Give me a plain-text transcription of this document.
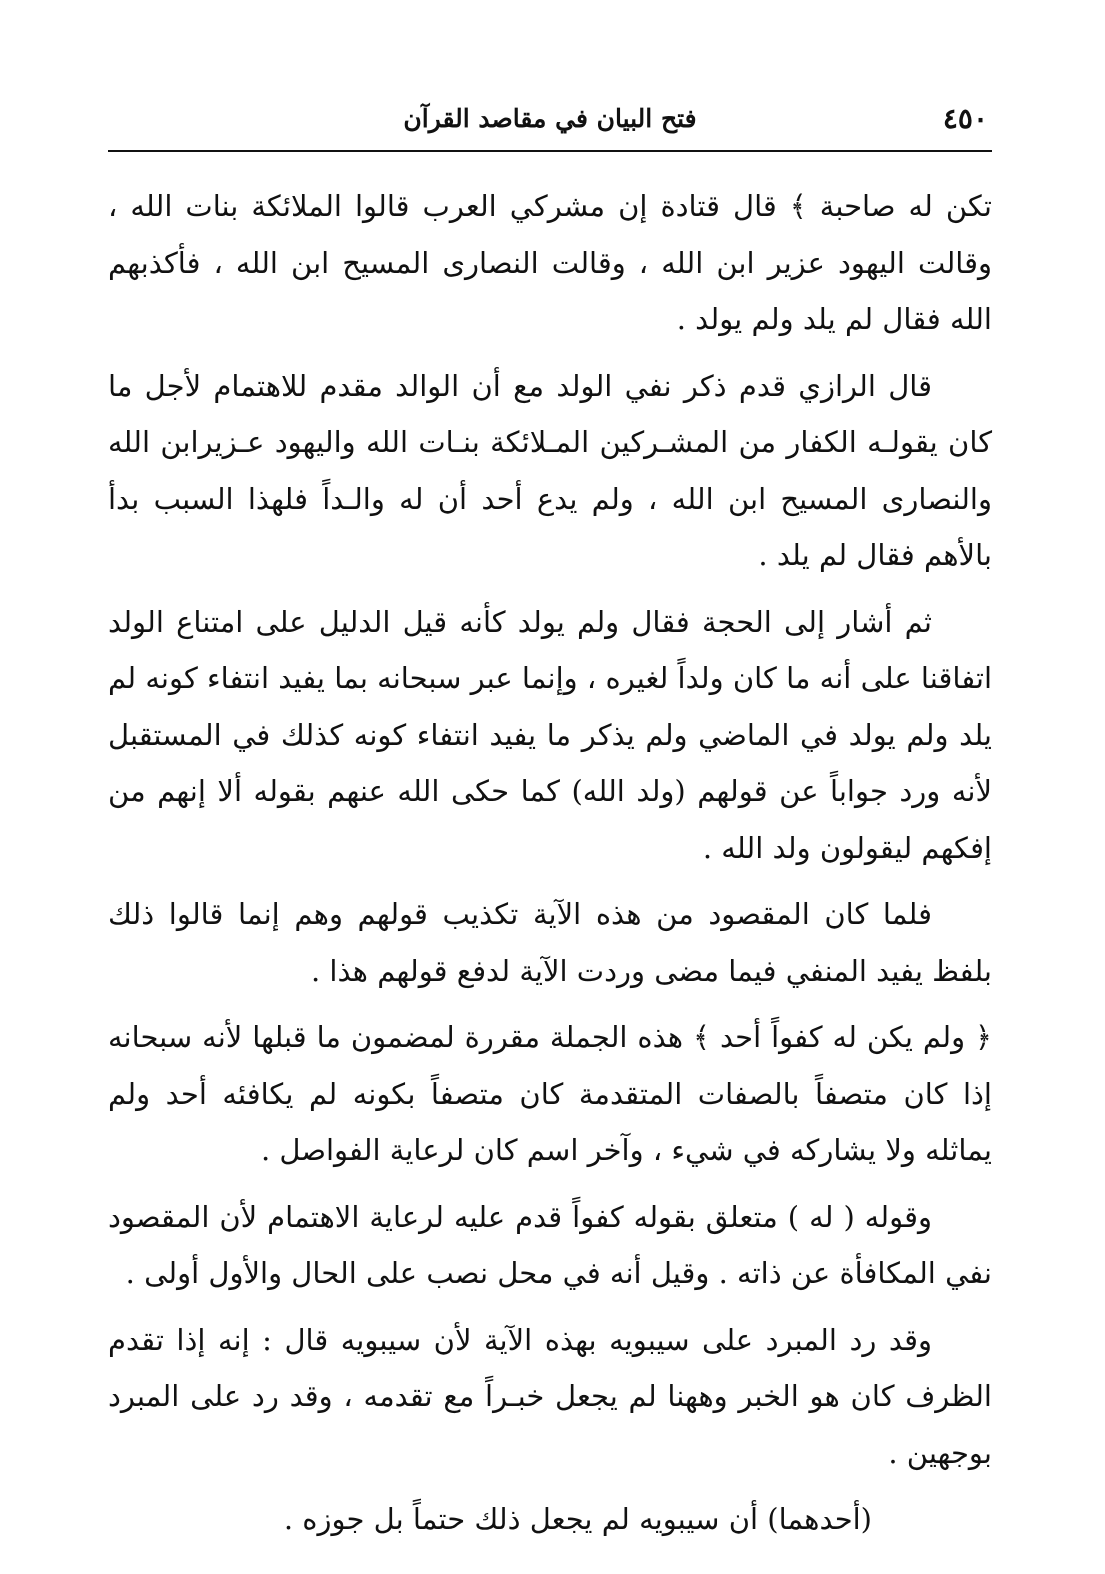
٤٥٠
فتح البيان في مقاصد القرآن

تكن له صاحبة ﴾ قال قتادة إن مشركي العرب قالوا الملائكة بنات الله ، وقالت اليهود عزير ابن الله ، وقالت النصارى المسيح ابن الله ، فأكذبهم الله فقال لم يلد ولم يولد .

قال الرازي قدم ذكر نفي الولد مع أن الوالد مقدم للاهتمام لأجل ما كان يقولـه الكفار من المشـركين المـلائكة بنـات الله واليهود عـزيرابن الله والنصارى المسيح ابن الله ، ولم يدع أحد أن له والـداً فلهذا السبب بدأ بالأهم فقال لم يلد .

ثم أشار إلى الحجة فقال ولم يولد كأنه قيل الدليل على امتناع الولد اتفاقنا على أنه ما كان ولداً لغيره ، وإنما عبر سبحانه بما يفيد انتفاء كونه لم يلد ولم يولد في الماضي ولم يذكر ما يفيد انتفاء كونه كذلك في المستقبل لأنه ورد جواباً عن قولهم (ولد الله) كما حكى الله عنهم بقوله ألا إنهم من إفكهم ليقولون ولد الله .

فلما كان المقصود من هذه الآية تكذيب قولهم وهم إنما قالوا ذلك بلفظ يفيد المنفي فيما مضى وردت الآية لدفع قولهم هذا .

﴿ ولم يكن له كفواً أحد ﴾ هذه الجملة مقررة لمضمون ما قبلها لأنه سبحانه إذا كان متصفاً بالصفات المتقدمة كان متصفاً بكونه لم يكافئه أحد ولم يماثله ولا يشاركه في شيء ، وآخر اسم كان لرعاية الفواصل .

وقوله ( له ) متعلق بقوله كفواً قدم عليه لرعاية الاهتمام لأن المقصود نفي المكافأة عن ذاته . وقيل أنه في محل نصب على الحال والأول أولى .

وقد رد المبرد على سيبويه بهذه الآية لأن سيبويه قال : إنه إذا تقدم الظرف كان هو الخبر وههنا لم يجعل خبـراً مع تقدمه ، وقد رد على المبرد بوجهين .

(أحدهما) أن سيبويه لم يجعل ذلك حتماً بل جوزه .
